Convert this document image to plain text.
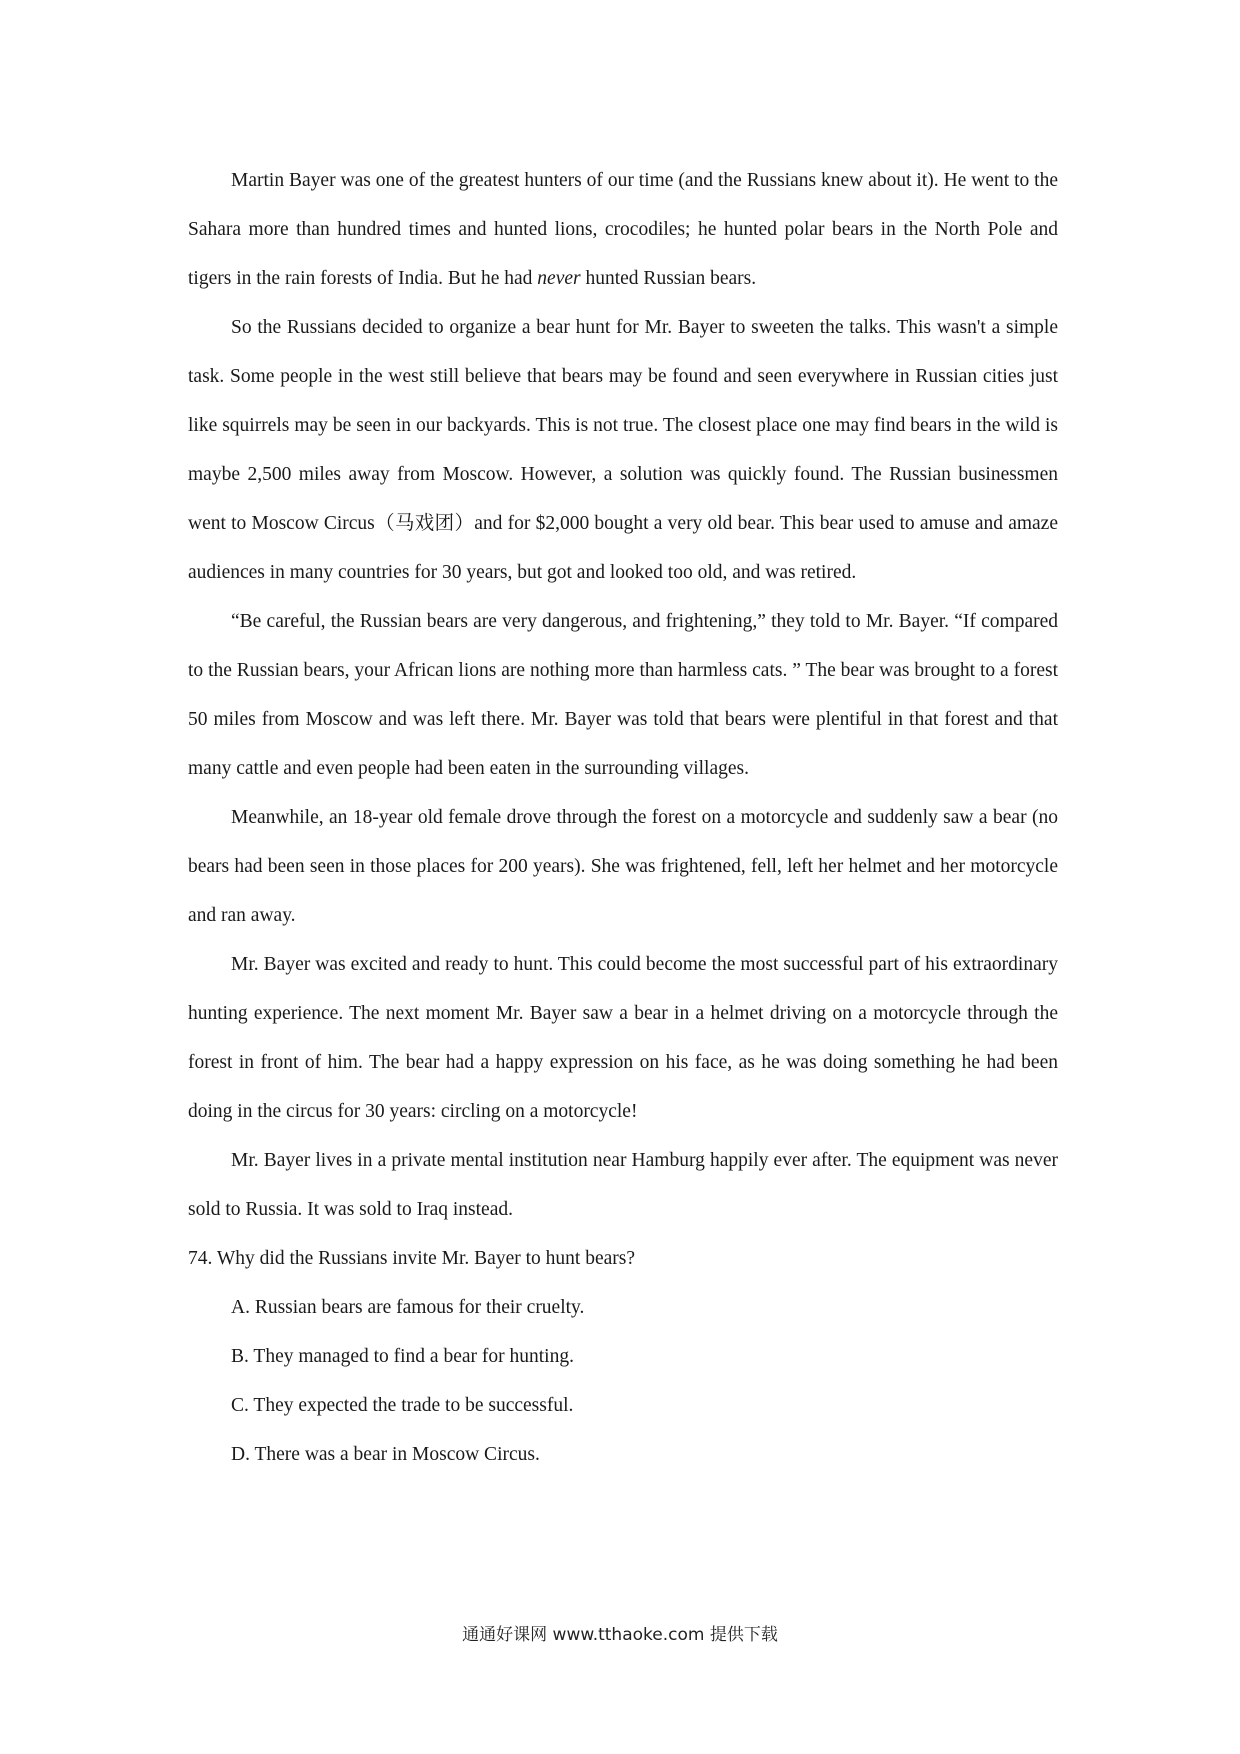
Martin Bayer was one of the greatest hunters of our time (and the Russians knew about it). He went to the Sahara more than hundred times and hunted lions, crocodiles; he hunted polar bears in the North Pole and tigers in the rain forests of India. But he had never hunted Russian bears.

So the Russians decided to organize a bear hunt for Mr. Bayer to sweeten the talks. This wasn't a simple task. Some people in the west still believe that bears may be found and seen everywhere in Russian cities just like squirrels may be seen in our backyards. This is not true. The closest place one may find bears in the wild is maybe 2,500 miles away from Moscow. However, a solution was quickly found. The Russian businessmen went to Moscow Circus（马戏团）and for $2,000 bought a very old bear. This bear used to amuse and amaze audiences in many countries for 30 years, but got and looked too old, and was retired.

“Be careful, the Russian bears are very dangerous, and frightening,” they told to Mr. Bayer. “If compared to the Russian bears, your African lions are nothing more than harmless cats. ” The bear was brought to a forest 50 miles from Moscow and was left there. Mr. Bayer was told that bears were plentiful in that forest and that many cattle and even people had been eaten in the surrounding villages.

Meanwhile, an 18-year old female drove through the forest on a motorcycle and suddenly saw a bear (no bears had been seen in those places for 200 years). She was frightened, fell, left her helmet and her motorcycle and ran away.

Mr. Bayer was excited and ready to hunt. This could become the most successful part of his extraordinary hunting experience. The next moment Mr. Bayer saw a bear in a helmet driving on a motorcycle through the forest in front of him. The bear had a happy expression on his face, as he was doing something he had been doing in the circus for 30 years: circling on a motorcycle!

Mr. Bayer lives in a private mental institution near Hamburg happily ever after. The equipment was never sold to Russia. It was sold to Iraq instead.

74. Why did the Russians invite Mr. Bayer to hunt bears?

A. Russian bears are famous for their cruelty.

B. They managed to find a bear for hunting.

C. They expected the trade to be successful.

D. There was a bear in Moscow Circus.

通通好课网 www.tthaoke.com 提供下载
